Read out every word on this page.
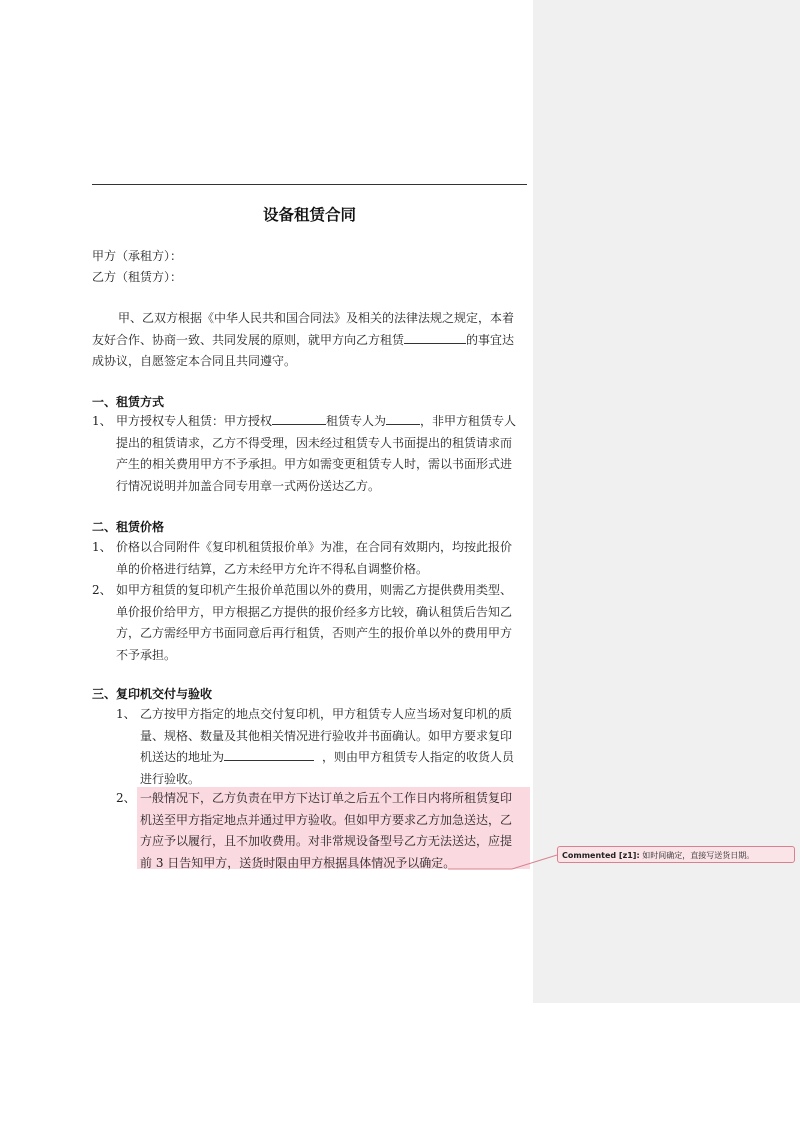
设备租赁合同
甲方（承租方）：
乙方（租赁方）：
甲、乙双方根据《中华人民共和国合同法》及相关的法律法规之规定，本着
友好合作、协商一致、共同发展的原则，就甲方向乙方租赁	的事宜达
成协议，自愿签定本合同且共同遵守。
一、租赁方式
1、 甲方授权专人租赁：甲方授权	租赁专人为	，非甲方租赁专人
提出的租赁请求，乙方不得受理，因未经过租赁专人书面提出的租赁请求而
产生的相关费用甲方不予承担。甲方如需变更租赁专人时，需以书面形式进
行情况说明并加盖合同专用章一式两份送达乙方。
二、租赁价格
1、 价格以合同附件《复印机租赁报价单》为准，在合同有效期内，均按此报价
单的价格进行结算，乙方未经甲方允许不得私自调整价格。
2、 如甲方租赁的复印机产生报价单范围以外的费用，则需乙方提供费用类型、
单价报价给甲方，甲方根据乙方提供的报价经多方比较，确认租赁后告知乙
方，乙方需经甲方书面同意后再行租赁，否则产生的报价单以外的费用甲方
不予承担。
三、复印机交付与验收
1、 乙方按甲方指定的地点交付复印机，甲方租赁专人应当场对复印机的质
量、规格、数量及其他相关情况进行验收并书面确认。如甲方要求复印
机送达的地址为	，则由甲方租赁专人指定的收货人员
进行验收。
2、 一般情况下，乙方负责在甲方下达订单之后五个工作日内将所租赁复印
机送至甲方指定地点并通过甲方验收。但如甲方要求乙方加急送达，乙
方应予以履行，且不加收费用。对非常规设备型号乙方无法送达，应提
前 3 日告知甲方，送货时限由甲方根据具体情况予以确定。	Commented [z1]: 如时间确定，直接写送货日期。
